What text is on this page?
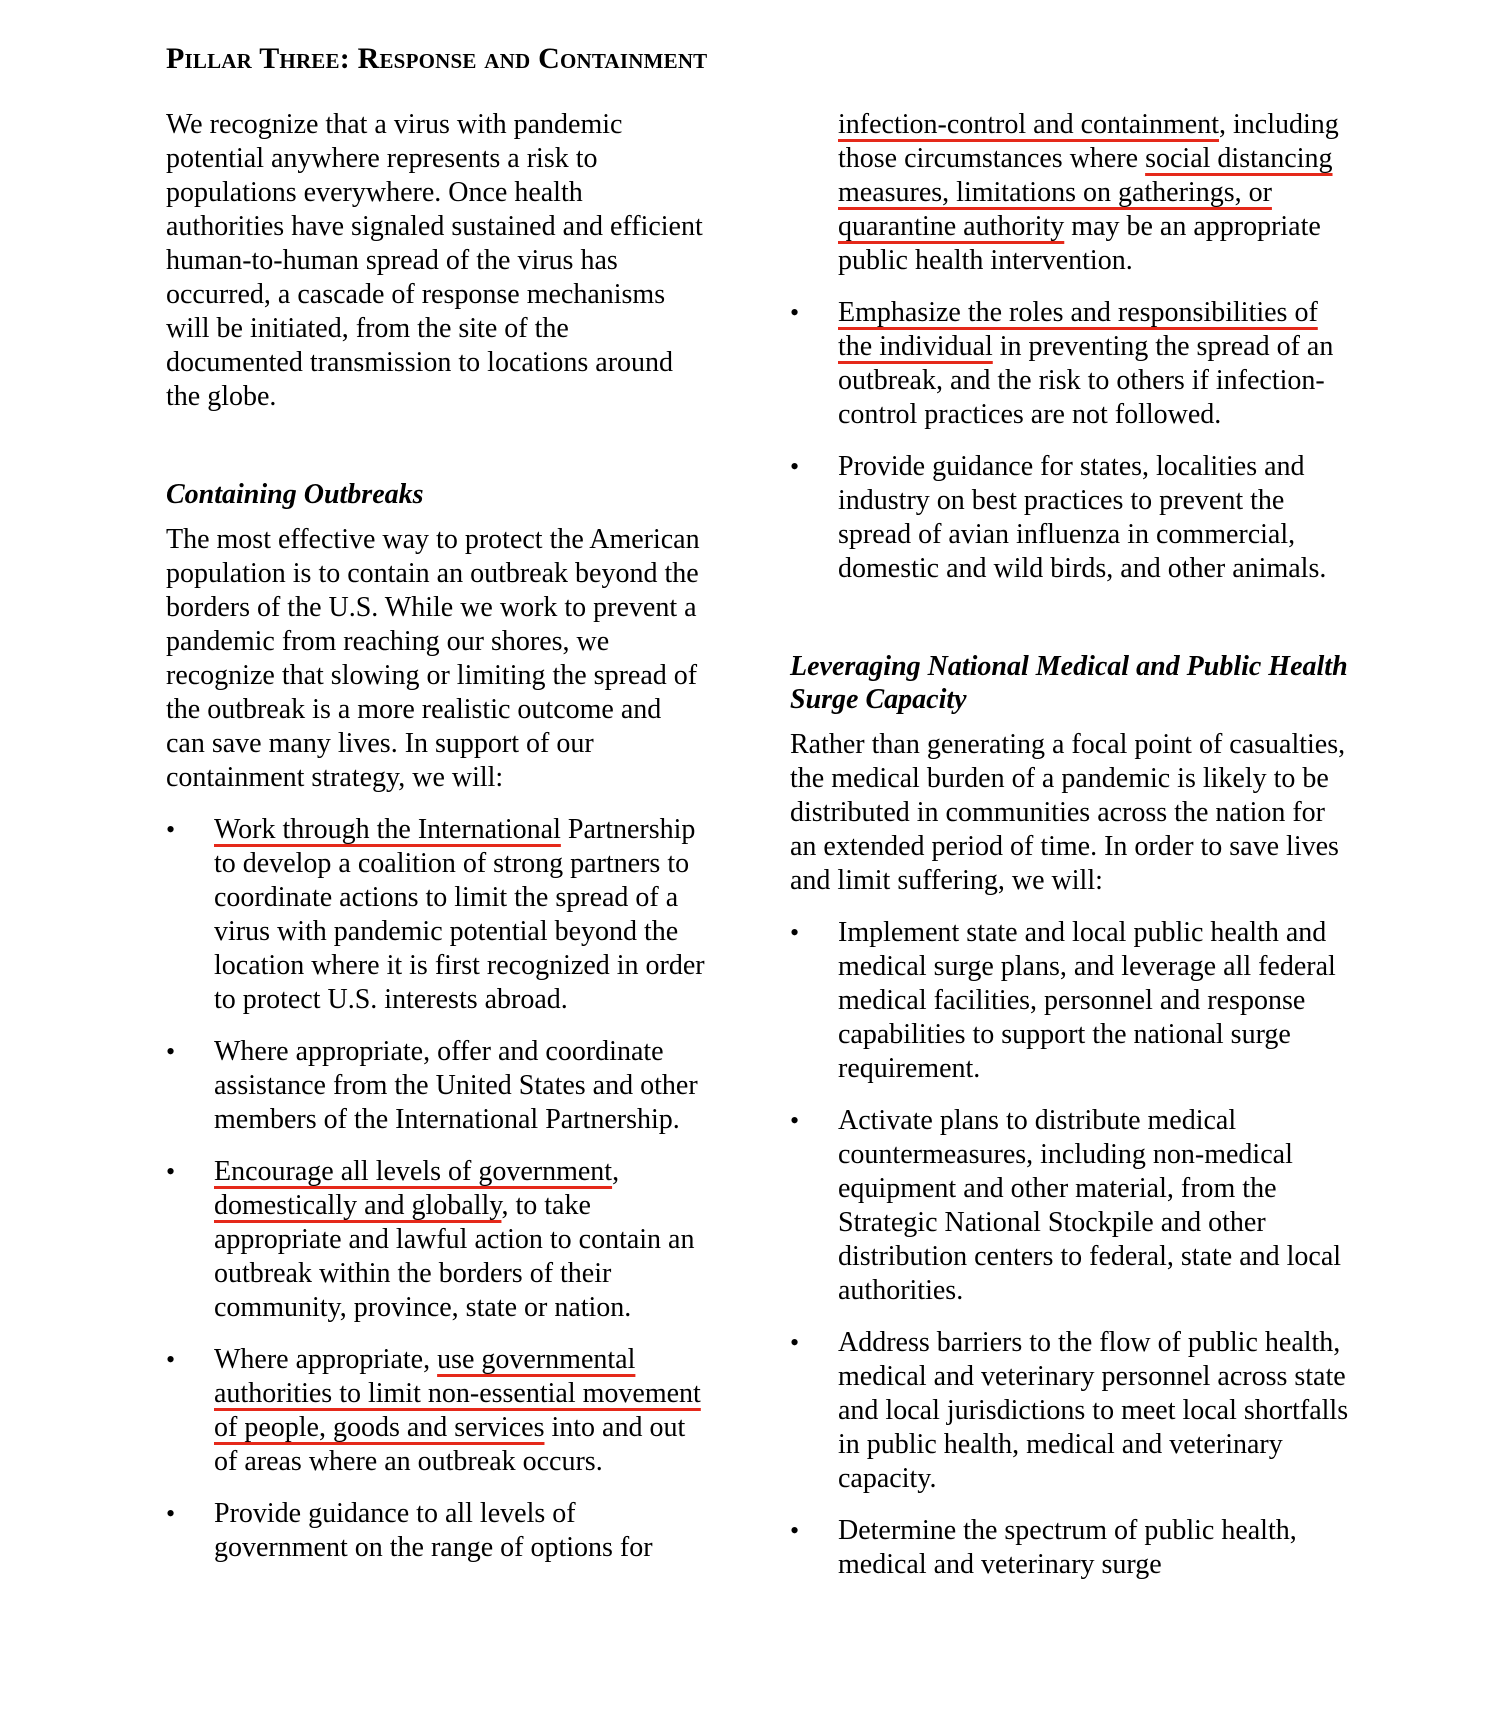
Pillar Three: Response and Containment

We recognize that a virus with pandemic potential anywhere represents a risk to populations everywhere. Once health authorities have signaled sustained and efficient human-to-human spread of the virus has occurred, a cascade of response mechanisms will be initiated, from the site of the documented transmission to locations around the globe.

Containing Outbreaks

The most effective way to protect the American population is to contain an outbreak beyond the borders of the U.S. While we work to prevent a pandemic from reaching our shores, we recognize that slowing or limiting the spread of the outbreak is a more realistic outcome and can save many lives. In support of our containment strategy, we will:

• Work through the International Partnership to develop a coalition of strong partners to coordinate actions to limit the spread of a virus with pandemic potential beyond the location where it is first recognized in order to protect U.S. interests abroad.
• Where appropriate, offer and coordinate assistance from the United States and other members of the International Partnership.
• Encourage all levels of government, domestically and globally, to take appropriate and lawful action to contain an outbreak within the borders of their community, province, state or nation.
• Where appropriate, use governmental authorities to limit non-essential movement of people, goods and services into and out of areas where an outbreak occurs.
• Provide guidance to all levels of government on the range of options for

infection-control and containment, including those circumstances where social distancing measures, limitations on gatherings, or quarantine authority may be an appropriate public health intervention.

• Emphasize the roles and responsibilities of the individual in preventing the spread of an outbreak, and the risk to others if infection-control practices are not followed.
• Provide guidance for states, localities and industry on best practices to prevent the spread of avian influenza in commercial, domestic and wild birds, and other animals.
Leveraging National Medical and Public Health Surge Capacity

Rather than generating a focal point of casualties, the medical burden of a pandemic is likely to be distributed in communities across the nation for an extended period of time. In order to save lives and limit suffering, we will:

• Implement state and local public health and medical surge plans, and leverage all federal medical facilities, personnel and response capabilities to support the national surge requirement.
• Activate plans to distribute medical countermeasures, including non-medical equipment and other material, from the Strategic National Stockpile and other distribution centers to federal, state and local authorities.
• Address barriers to the flow of public health, medical and veterinary personnel across state and local jurisdictions to meet local shortfalls in public health, medical and veterinary capacity.
• Determine the spectrum of public health, medical and veterinary surge
